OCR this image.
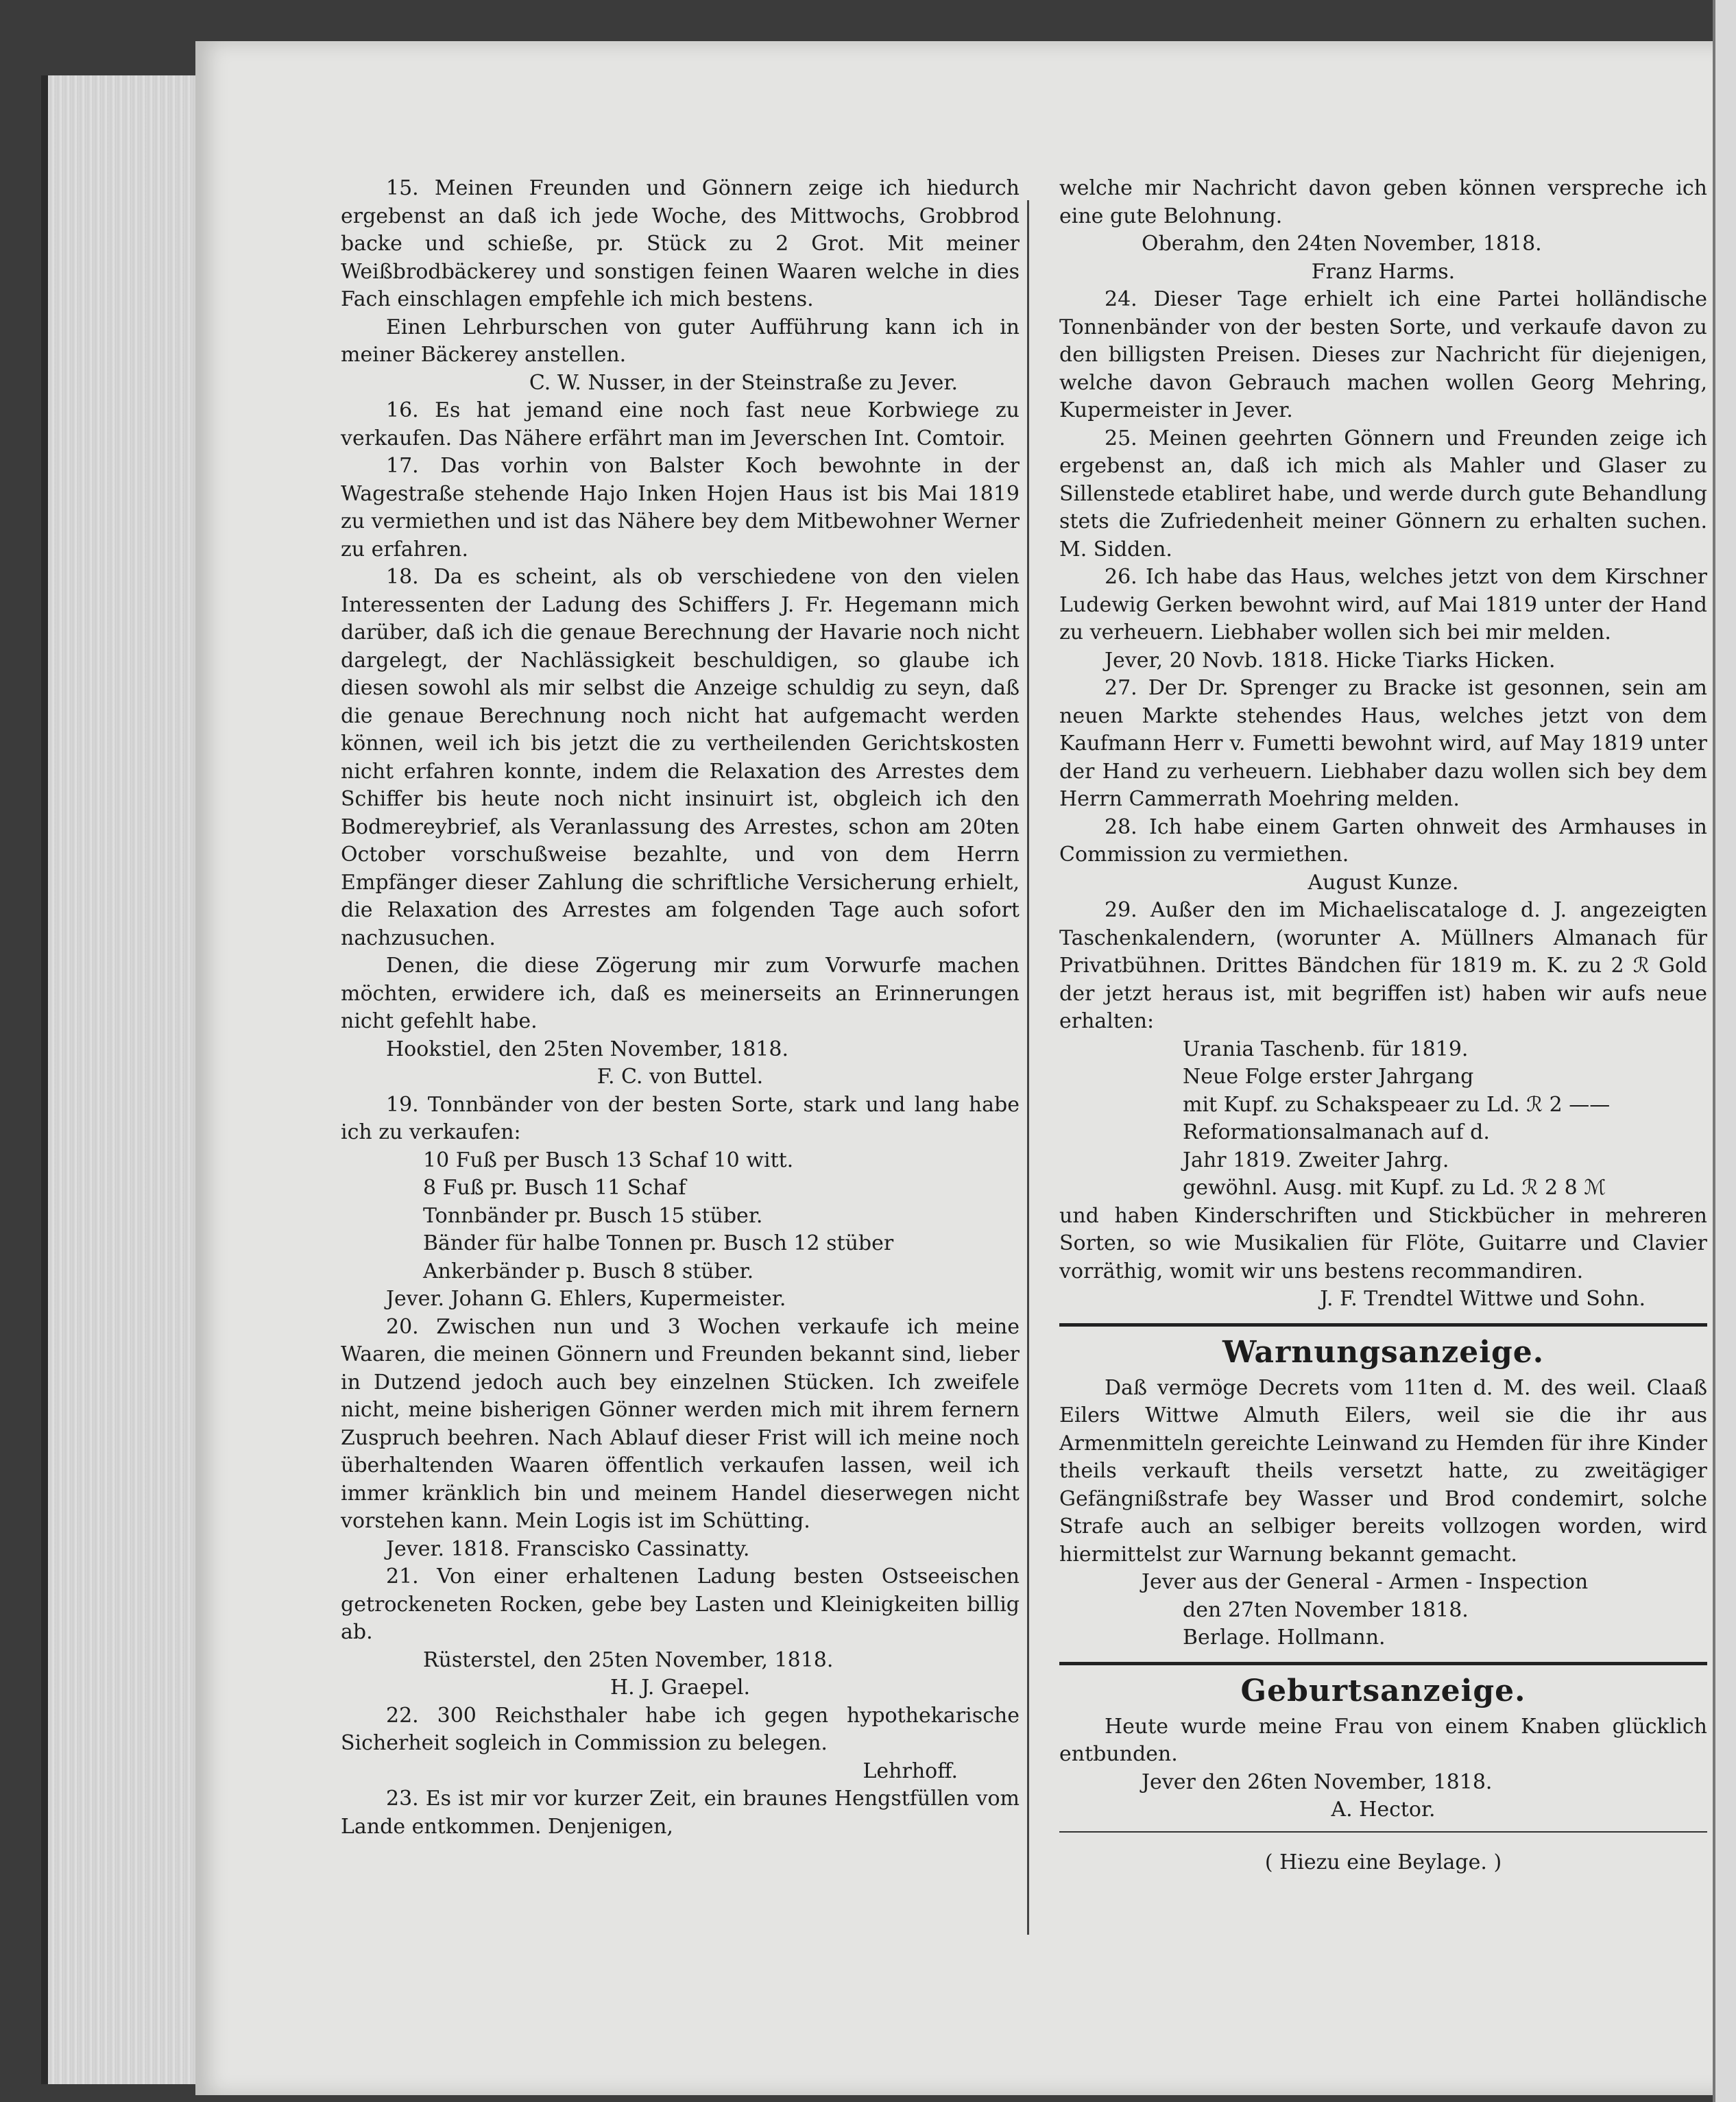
15. Meinen Freunden und Gönnern zeige ich hiedurch ergebenst an daß ich jede Woche, des Mittwochs, Grobbrod backe und schieße, pr. Stück zu 2 Grot. Mit meiner Weißbrodbäckerey und sonstigen feinen Waaren welche in dies Fach einschlagen empfehle ich mich bestens.
Einen Lehrburschen von guter Aufführung kann ich in meiner Bäckerey anstellen.
C. W. Nusser, in der Steinstraße zu Jever.
16. Es hat jemand eine noch fast neue Korbwiege zu verkaufen. Das Nähere erfährt man im Jeverschen Int. Comtoir.
17. Das vorhin von Balster Koch bewohnte in der Wagestraße stehende Hajo Inken Hojen Haus ist bis Mai 1819 zu vermiethen und ist das Nähere bey dem Mitbewohner Werner zu erfahren.
18. Da es scheint, als ob verschiedene von den vielen Interessenten der Ladung des Schiffers J. Fr. Hegemann mich darüber, daß ich die genaue Berechnung der Havarie noch nicht dargelegt, der Nachlässigkeit beschuldigen, so glaube ich diesen sowohl als mir selbst die Anzeige schuldig zu seyn, daß die genaue Berechnung noch nicht hat aufgemacht werden können, weil ich bis jetzt die zu vertheilenden Gerichtskosten nicht erfahren konnte, indem die Relaxation des Arrestes dem Schiffer bis heute noch nicht insinuirt ist, obgleich ich den Bodmereybrief, als Veranlassung des Arrestes, schon am 20ten October vorschußweise bezahlte, und von dem Herrn Empfänger dieser Zahlung die schriftliche Versicherung erhielt, die Relaxation des Arrestes am folgenden Tage auch sofort nachzusuchen.
Denen, die diese Zögerung mir zum Vorwurfe machen möchten, erwidere ich, daß es meinerseits an Erinnerungen nicht gefehlt habe.
Hookstiel, den 25ten November, 1818.
F. C. von Buttel.
19. Tonnbänder von der besten Sorte, stark und lang habe ich zu verkaufen:
10 Fuß per Busch 13 Schaf 10 witt.
8 Fuß pr. Busch 11 Schaf
Tonnbänder pr. Busch 15 stüber.
Bänder für halbe Tonnen pr. Busch 12 stüber
Ankerbänder p. Busch 8 stüber.
Jever. Johann G. Ehlers, Kupermeister.
20. Zwischen nun und 3 Wochen verkaufe ich meine Waaren, die meinen Gönnern und Freunden bekannt sind, lieber in Dutzend jedoch auch bey einzelnen Stücken. Ich zweifele nicht, meine bisherigen Gönner werden mich mit ihrem fernern Zuspruch beehren. Nach Ablauf dieser Frist will ich meine noch überhaltenden Waaren öffentlich verkaufen lassen, weil ich immer kränklich bin und meinem Handel dieserwegen nicht vorstehen kann. Mein Logis ist im Schütting.
Jever. 1818. Franscisko Cassinatty.
21. Von einer erhaltenen Ladung besten Ostseeischen getrockeneten Rocken, gebe bey Lasten und Kleinigkeiten billig ab.
Rüsterstel, den 25ten November, 1818.
H. J. Graepel.
22. 300 Reichsthaler habe ich gegen hypothekarische Sicherheit sogleich in Commission zu belegen.
Lehrhoff.
23. Es ist mir vor kurzer Zeit, ein braunes Hengstfüllen vom Lande entkommen. Denjenigen,
welche mir Nachricht davon geben können verspreche ich eine gute Belohnung.
Oberahm, den 24ten November, 1818.
Franz Harms.
24. Dieser Tage erhielt ich eine Partei holländische Tonnenbänder von der besten Sorte, und verkaufe davon zu den billigsten Preisen. Dieses zur Nachricht für diejenigen, welche davon Gebrauch machen wollen Georg Mehring, Kupermeister in Jever.
25. Meinen geehrten Gönnern und Freunden zeige ich ergebenst an, daß ich mich als Mahler und Glaser zu Sillenstede etabliret habe, und werde durch gute Behandlung stets die Zufriedenheit meiner Gönnern zu erhalten suchen. M. Sidden.
26. Ich habe das Haus, welches jetzt von dem Kirschner Ludewig Gerken bewohnt wird, auf Mai 1819 unter der Hand zu verheuern. Liebhaber wollen sich bei mir melden.
Jever, 20 Novb. 1818. Hicke Tiarks Hicken.
27. Der Dr. Sprenger zu Bracke ist gesonnen, sein am neuen Markte stehendes Haus, welches jetzt von dem Kaufmann Herr v. Fumetti bewohnt wird, auf May 1819 unter der Hand zu verheuern. Liebhaber dazu wollen sich bey dem Herrn Cammerrath Moehring melden.
28. Ich habe einem Garten ohnweit des Armhauses in Commission zu vermiethen.
August Kunze.
29. Außer den im Michaeliscataloge d. J. angezeigten Taschenkalendern, (worunter A. Müllners Almanach für Privatbühnen. Drittes Bändchen für 1819 m. K. zu 2 ℛ Gold der jetzt heraus ist, mit begriffen ist) haben wir aufs neue erhalten:
Urania Taschenb. für 1819.
Neue Folge erster Jahrgang
mit Kupf. zu Schakspeaer zu Ld. ℛ 2 ——
Reformationsalmanach auf d.
Jahr 1819. Zweiter Jahrg.
gewöhnl. Ausg. mit Kupf. zu Ld. ℛ 2 8 ℳ
und haben Kinderschriften und Stickbücher in mehreren Sorten, so wie Musikalien für Flöte, Guitarre und Clavier vorräthig, womit wir uns bestens recommandiren.
J. F. Trendtel Wittwe und Sohn.
Warnungsanzeige.
Daß vermöge Decrets vom 11ten d. M. des weil. Claaß Eilers Wittwe Almuth Eilers, weil sie die ihr aus Armenmitteln gereichte Leinwand zu Hemden für ihre Kinder theils verkauft theils versetzt hatte, zu zweitägiger Gefängnißstrafe bey Wasser und Brod condemirt, solche Strafe auch an selbiger bereits vollzogen worden, wird hiermittelst zur Warnung bekannt gemacht.
Jever aus der General - Armen - Inspection
den 27ten November 1818.
Berlage. Hollmann.
Geburtsanzeige.
Heute wurde meine Frau von einem Knaben glücklich entbunden.
Jever den 26ten November, 1818.
A. Hector.
( Hiezu eine Beylage. )
